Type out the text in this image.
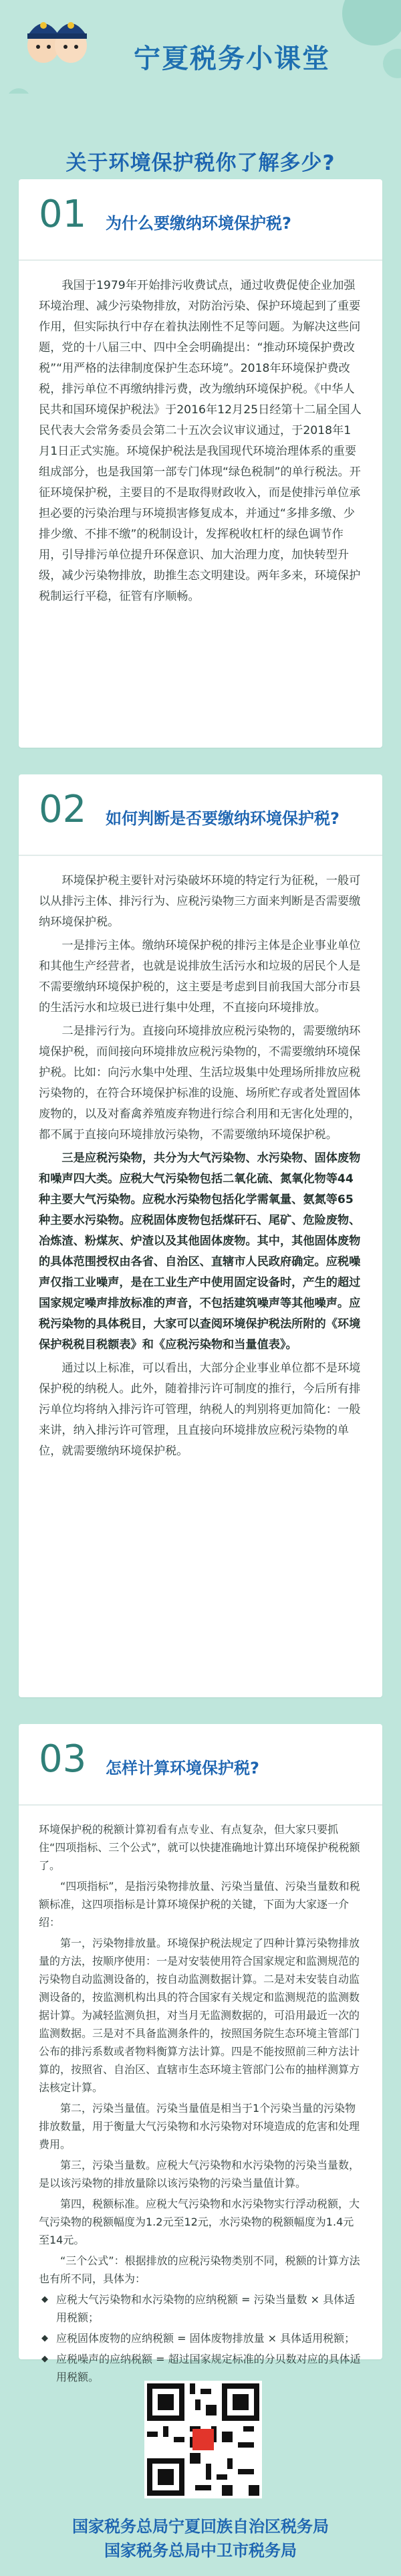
宁夏税务小课堂
关于环境保护税你了解多少?
01 为什么要缴纳环境保护税?

我国于1979年开始排污收费试点，通过收费促使企业加强环境治理、减少污染物排放，对防治污染、保护环境起到了重要作用，但实际执行中存在着执法刚性不足等问题。为解决这些问题，党的十八届三中、四中全会明确提出：“推动环境保护费改税”“用严格的法律制度保护生态环境”。2018年环境保护费改税，排污单位不再缴纳排污费，改为缴纳环境保护税。《中华人民共和国环境保护税法》于2016年12月25日经第十二届全国人民代表大会常务委员会第二十五次会议审议通过，于2018年1月1日正式实施。环境保护税法是我国现代环境治理体系的重要组成部分，也是我国第一部专门体现“绿色税制”的单行税法。开征环境保护税，主要目的不是取得财政收入，而是使排污单位承担必要的污染治理与环境损害修复成本，并通过“多排多缴、少排少缴、不排不缴”的税制设计，发挥税收杠杆的绿色调节作用，引导排污单位提升环保意识、加大治理力度，加快转型升级，减少污染物排放，助推生态文明建设。两年多来，环境保护税制运行平稳，征管有序顺畅。

02 如何判断是否要缴纳环境保护税?

环境保护税主要针对污染破坏环境的特定行为征税，一般可以从排污主体、排污行为、应税污染物三方面来判断是否需要缴纳环境保护税。

一是排污主体。缴纳环境保护税的排污主体是企业事业单位和其他生产经营者，也就是说排放生活污水和垃圾的居民个人是不需要缴纳环境保护税的，这主要是考虑到目前我国大部分市县的生活污水和垃圾已进行集中处理，不直接向环境排放。

二是排污行为。直接向环境排放应税污染物的，需要缴纳环境保护税，而间接向环境排放应税污染物的，不需要缴纳环境保护税。比如：向污水集中处理、生活垃圾集中处理场所排放应税污染物的，在符合环境保护标准的设施、场所贮存或者处置固体废物的，以及对畜禽养殖废弃物进行综合利用和无害化处理的，都不属于直接向环境排放污染物，不需要缴纳环境保护税。

三是应税污染物，共分为大气污染物、水污染物、固体废物和噪声四大类。应税大气污染物包括二氧化硫、氮氧化物等44种主要大气污染物。应税水污染物包括化学需氧量、氨氮等65种主要水污染物。应税固体废物包括煤矸石、尾矿、危险废物、冶炼渣、粉煤灰、炉渣以及其他固体废物。其中，其他固体废物的具体范围授权由各省、自治区、直辖市人民政府确定。应税噪声仅指工业噪声，是在工业生产中使用固定设备时，产生的超过国家规定噪声排放标准的声音，不包括建筑噪声等其他噪声。应税污染物的具体税目，大家可以查阅环境保护税法所附的《环境保护税税目税额表》和《应税污染物和当量值表》。

通过以上标准，可以看出，大部分企业事业单位都不是环境保护税的纳税人。此外，随着排污许可制度的推行，今后所有排污单位均将纳入排污许可管理，纳税人的判别将更加简化：一般来讲，纳入排污许可管理，且直接向环境排放应税污染物的单位，就需要缴纳环境保护税。

03 怎样计算环境保护税?

环境保护税的税额计算初看有点专业、有点复杂，但大家只要抓住“四项指标、三个公式”，就可以快捷准确地计算出环境保护税税额了。

“四项指标”，是指污染物排放量、污染当量值、污染当量数和税额标准，这四项指标是计算环境保护税的关键，下面为大家逐一介绍：

第一，污染物排放量。环境保护税法规定了四种计算污染物排放量的方法，按顺序使用：一是对安装使用符合国家规定和监测规范的污染物自动监测设备的，按自动监测数据计算。二是对未安装自动监测设备的，按监测机构出具的符合国家有关规定和监测规范的监测数据计算。为减轻监测负担，对当月无监测数据的，可沿用最近一次的监测数据。三是对不具备监测条件的，按照国务院生态环境主管部门公布的排污系数或者物料衡算方法计算。四是不能按照前三种方法计算的，按照省、自治区、直辖市生态环境主管部门公布的抽样测算方法核定计算。

第二，污染当量值。污染当量值是相当于1个污染当量的污染物排放数量，用于衡量大气污染物和水污染物对环境造成的危害和处理费用。

第三，污染当量数。应税大气污染物和水污染物的污染当量数，是以该污染物的排放量除以该污染物的污染当量值计算。

第四，税额标准。应税大气污染物和水污染物实行浮动税额，大气污染物的税额幅度为1.2元至12元，水污染物的税额幅度为1.4元至14元。

“三个公式”：根据排放的应税污染物类别不同，税额的计算方法也有所不同，具体为：

◆ 应税大气污染物和水污染物的应纳税额 = 污染当量数 × 具体适用税额；

◆ 应税固体废物的应纳税额 = 固体废物排放量 × 具体适用税额；

◆ 应税噪声的应纳税额 = 超过国家规定标准的分贝数对应的具体适用税额。

国家税务总局宁夏回族自治区税务局
国家税务总局中卫市税务局
